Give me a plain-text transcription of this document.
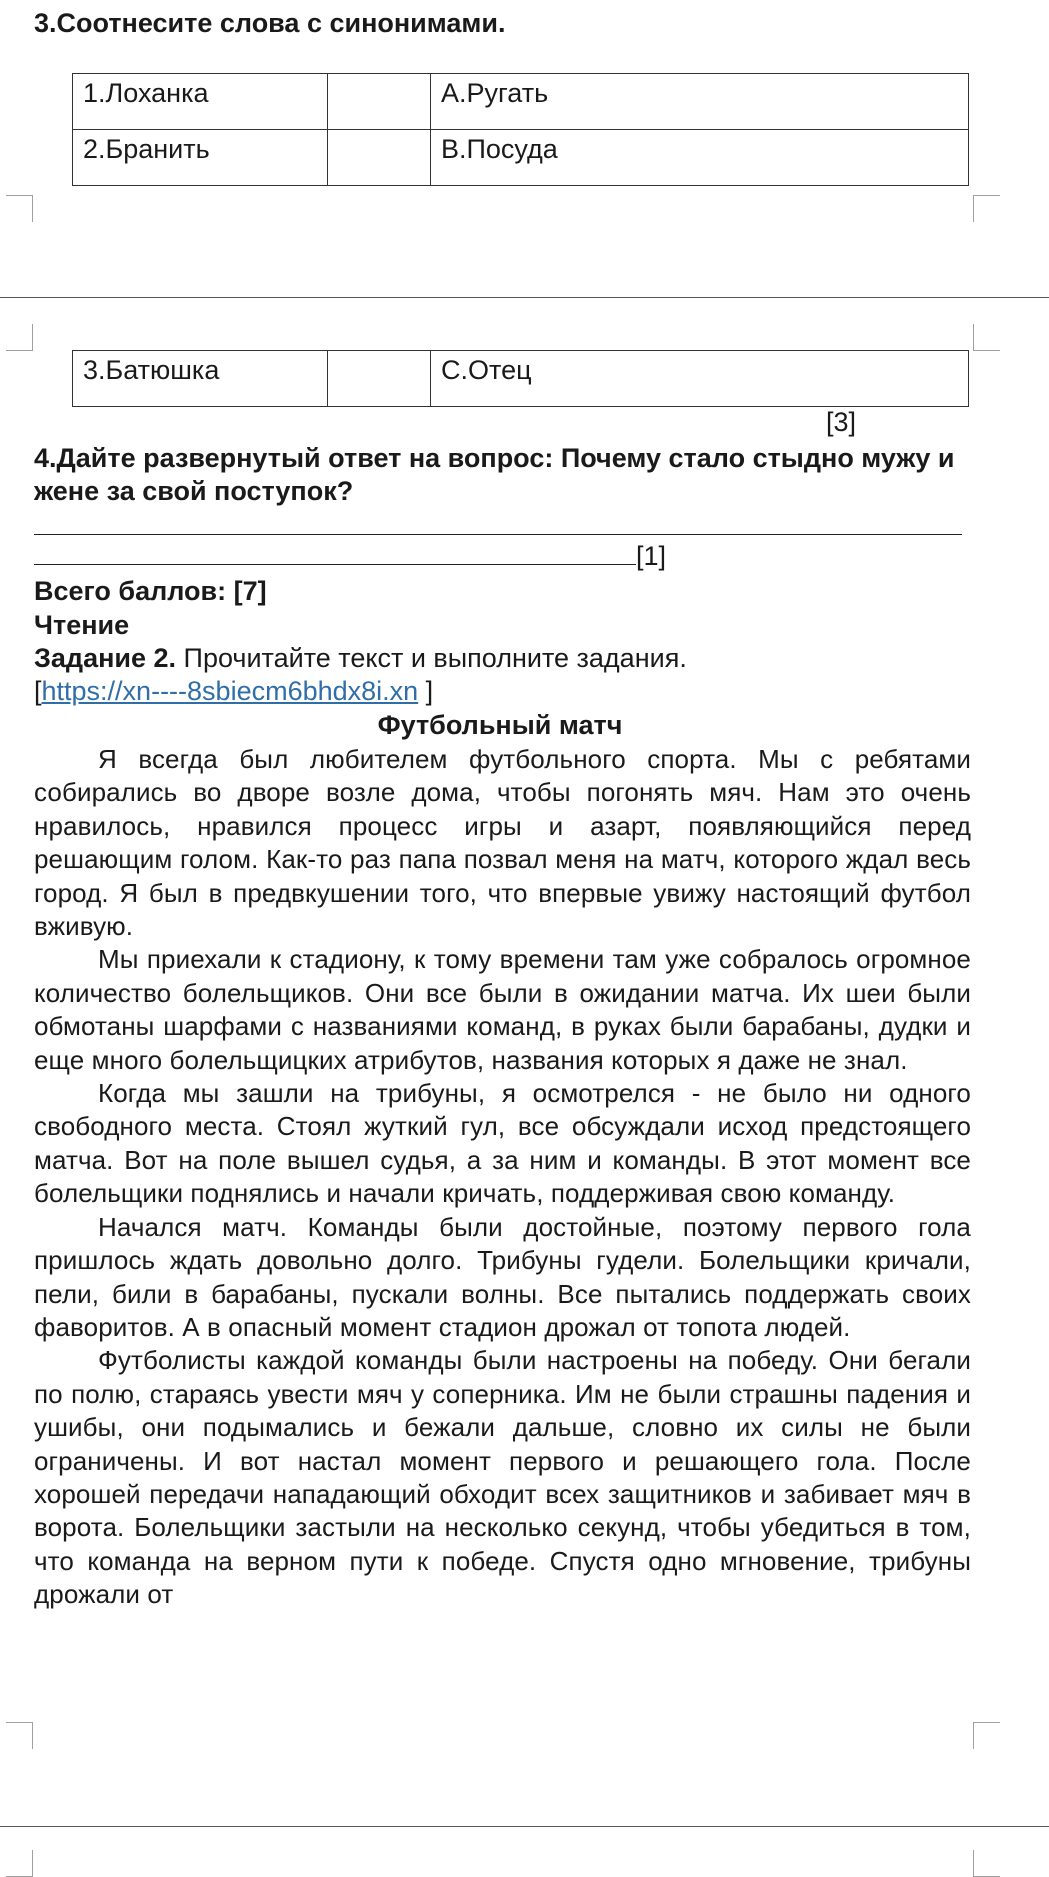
3.Соотнесите слова с синонимами.
1.Лоханка		А.Ругать
2.Бранить		В.Посуда
3.Батюшка		С.Отец
[3]
4.Дайте развернутый ответ на вопрос: Почему стало стыдно мужу и жене за свой поступок?
[1]
Всего баллов: [7]
Чтение
Задание 2. Прочитайте текст и выполните задания.
[https://xn----8sbiecm6bhdx8i.xn ]
Футбольный матч

Я всегда был любителем футбольного спорта. Мы с ребятами собирались во дворе возле дома, чтобы погонять мяч. Нам это очень нравилось, нравился процесс игры и азарт, появляющийся перед решающим голом. Как-то раз папа позвал меня на матч, которого ждал весь город. Я был в предвкушении того, что впервые увижу настоящий футбол вживую.

Мы приехали к стадиону, к тому времени там уже собралось огромное количество болельщиков. Они все были в ожидании матча. Их шеи были обмотаны шарфами с названиями команд, в руках были барабаны, дудки и еще много болельщицких атрибутов, названия которых я даже не знал.

Когда мы зашли на трибуны, я осмотрелся - не было ни одного свободного места. Стоял жуткий гул, все обсуждали исход предстоящего матча. Вот на поле вышел судья, а за ним и команды. В этот момент все болельщики поднялись и начали кричать, поддерживая свою команду.

Начался матч. Команды были достойные, поэтому первого гола пришлось ждать довольно долго. Трибуны гудели. Болельщики кричали, пели, били в барабаны, пускали волны. Все пытались поддержать своих фаворитов. А в опасный момент стадион дрожал от топота людей.

Футболисты каждой команды были настроены на победу. Они бегали по полю, стараясь увести мяч у соперника. Им не были страшны падения и ушибы, они подымались и бежали дальше, словно их силы не были ограничены. И вот настал момент первого и решающего гола. После хорошей передачи нападающий обходит всех защитников и забивает мяч в ворота. Болельщики застыли на несколько секунд, чтобы убедиться в том, что команда на верном пути к победе. Спустя одно мгновение, трибуны дрожали от
